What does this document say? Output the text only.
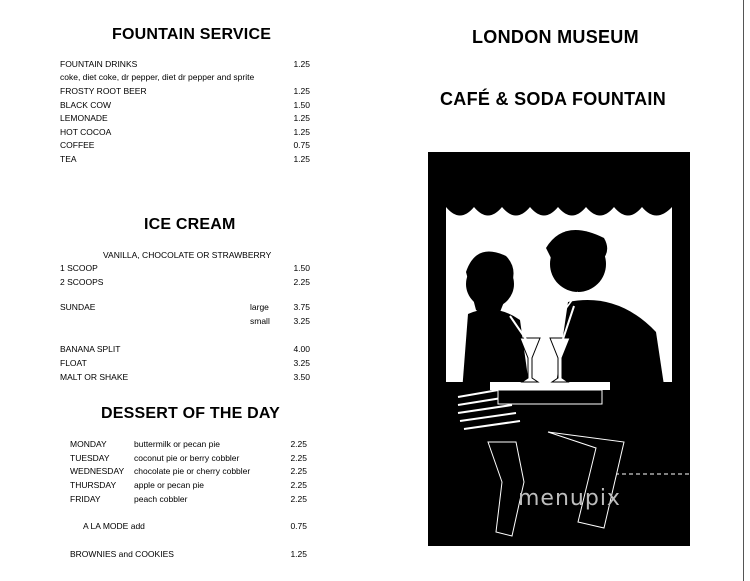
FOUNTAIN SERVICE
FOUNTAIN DRINKS	1.25
coke, diet coke, dr pepper, diet dr pepper and sprite
FROSTY ROOT BEER	1.25
BLACK COW	1.50
LEMONADE	1.25
HOT COCOA	1.25
COFFEE	0.75
TEA	1.25
ICE CREAM
VANILLA, CHOCOLATE OR STRAWBERRY
1 SCOOP	1.50
2 SCOOPS	2.25
SUNDAE	large	3.75
small	3.25
BANANA SPLIT	4.00
FLOAT	3.25
MALT OR SHAKE	3.50
DESSERT OF THE DAY
MONDAY	buttermilk or pecan pie	2.25
TUESDAY	coconut pie or berry cobbler	2.25
WEDNESDAY chocolate pie or cherry cobbler	2.25
THURSDAY apple or pecan pie	2.25
FRIDAY	peach cobbler	2.25
A LA MODE add	0.75
BROWNIES and COOKIES	1.25
LONDON MUSEUM
CAFÉ & SODA FOUNTAIN
menupix
